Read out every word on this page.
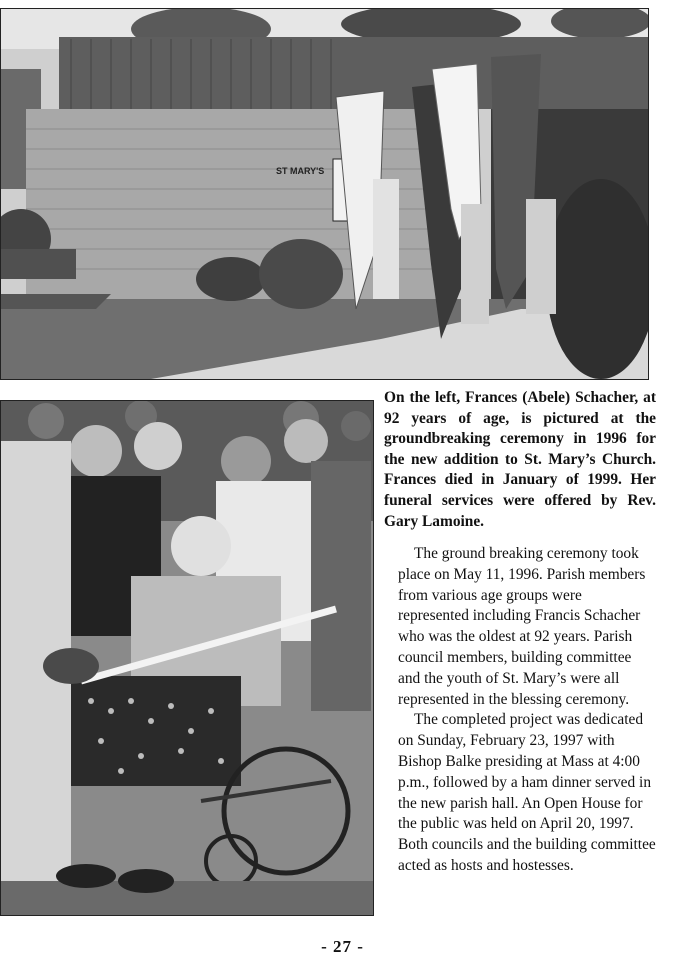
ST MARY'S
On the left, Frances (Abele) Schacher, at 92 years of age, is pictured at the groundbreaking ceremony in 1996 for the new addition to St. Mary’s Church. Frances died in January of 1999. Her funeral services were offered by Rev. Gary Lamoine.

The ground breaking ceremony took place on May 11, 1996. Parish members from various age groups were represented including Francis Schacher who was the oldest at 92 years. Parish council members, building committee and the youth of St. Mary’s were all represented in the blessing ceremony.

The completed project was dedicated on Sunday, February 23, 1997 with Bishop Balke presiding at Mass at 4:00 p.m., followed by a ham dinner served in the new parish hall. An Open House for the public was held on April 20, 1997. Both councils and the building committee acted as hosts and hostesses.

- 27 -
